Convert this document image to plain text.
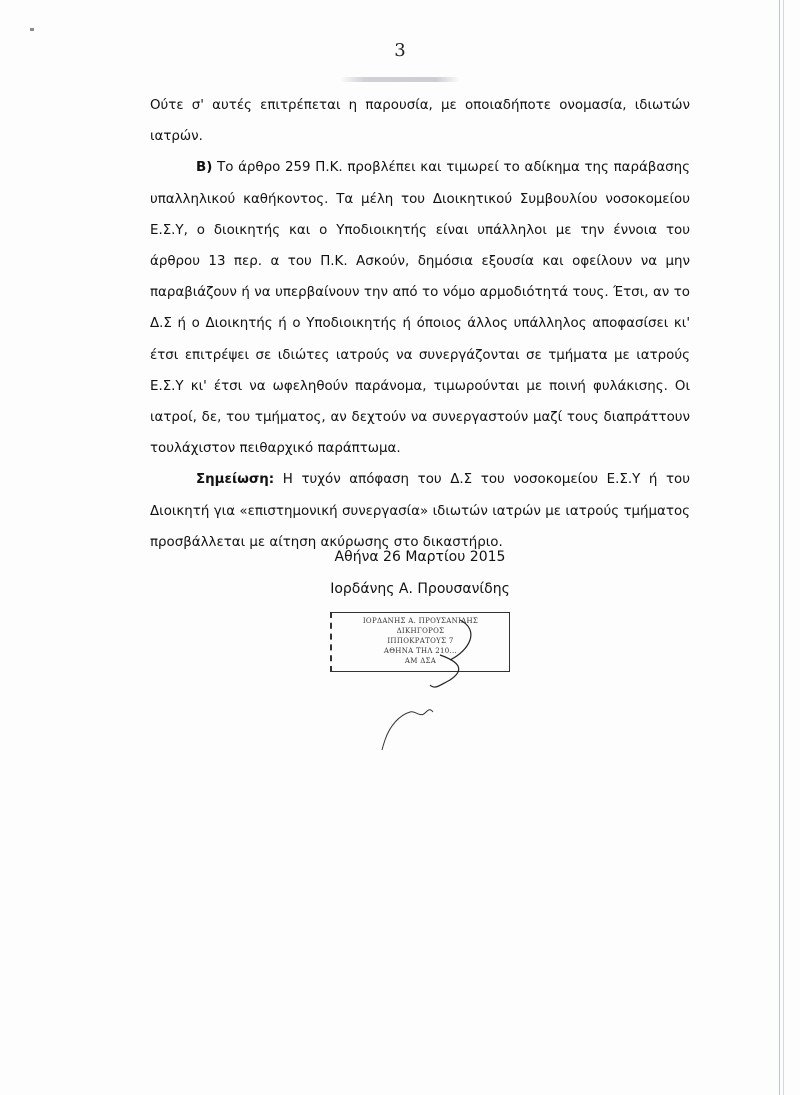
3

Ούτε σ' αυτές επιτρέπεται η παρουσία, με οποιαδήποτε ονομασία, ιδιωτών ιατρών.

Β) Το άρθρο 259 Π.Κ. προβλέπει και τιμωρεί το αδίκημα της παράβασης υπαλληλικού καθήκοντος. Τα μέλη του Διοικητικού Συμβουλίου νοσοκομείου Ε.Σ.Υ, ο διοικητής και ο Υποδιοικητής είναι υπάλληλοι με την έννοια του άρθρου 13 περ. α του Π.Κ. Ασκούν, δημόσια εξουσία και οφείλουν να μην παραβιάζουν ή να υπερβαίνουν την από το νόμο αρμοδιότητά τους. Έτσι, αν το Δ.Σ ή ο Διοικητής ή ο Υποδιοικητής ή όποιος άλλος υπάλληλος αποφασίσει κι' έτσι επιτρέψει σε ιδιώτες ιατρούς να συνεργάζονται σε τμήματα με ιατρούς Ε.Σ.Υ κι' έτσι να ωφεληθούν παράνομα, τιμωρούνται με ποινή φυλάκισης. Οι ιατροί, δε, του τμήματος, αν δεχτούν να συνεργαστούν μαζί τους διαπράττουν τουλάχιστον πειθαρχικό παράπτωμα.

Σημείωση: Η τυχόν απόφαση του Δ.Σ του νοσοκομείου Ε.Σ.Υ ή του Διοικητή για «επιστημονική συνεργασία» ιδιωτών ιατρών με ιατρούς τμήματος προσβάλλεται με αίτηση ακύρωσης στο δικαστήριο.

Αθήνα 26 Μαρτίου 2015
Ιορδάνης Α. Προυσανίδης
ΙΟΡΔΑΝΗΣ Α. ΠΡΟΥΣΑΝΙΔΗΣ
ΔΙΚΗΓΟΡΟΣ
ΙΠΠΟΚΡΑΤΟΥΣ 7
ΑΘΗΝΑ ΤΗΛ 210...
ΑΜ ΔΣΑ
